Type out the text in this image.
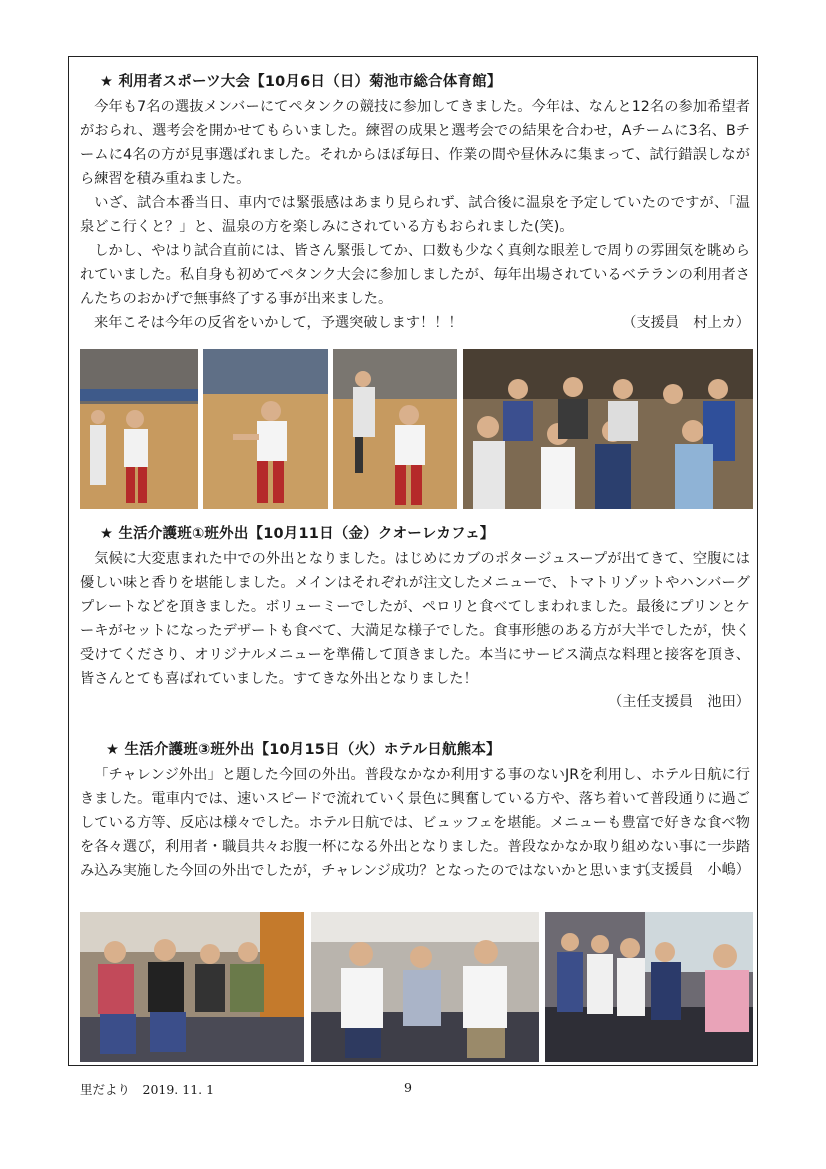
★ 利用者スポーツ大会【10月6日（日）菊池市総合体育館】

今年も7名の選抜メンバーにてペタンクの競技に参加してきました。今年は、なんと12名の参加希望者がおられ、選考会を開かせてもらいました。練習の成果と選考会での結果を合わせ，Aチームに3名、Bチームに4名の方が見事選ばれました。それからほぼ毎日、作業の間や昼休みに集まって、試行錯誤しながら練習を積み重ねました。

いざ、試合本番当日、車内では緊張感はあまり見られず、試合後に温泉を予定していたのですが、「温泉どこ行くと？」と、温泉の方を楽しみにされている方もおられました(笑)。

しかし、やはり試合直前には、皆さん緊張してか、口数も少なく真剣な眼差しで周りの雰囲気を眺められていました。私自身も初めてペタンク大会に参加しましたが、毎年出場されているベテランの利用者さんたちのおかげで無事終了する事が出来ました。

来年こそは今年の反省をいかして，予選突破します！！！	（支援員　村上カ）
★ 生活介護班①班外出【10月11日（金）クオーレカフェ】

気候に大変恵まれた中での外出となりました。はじめにカブのポタージュスープが出てきて、空腹には優しい味と香りを堪能しました。メインはそれぞれが注文したメニューで、トマトリゾットやハンバーグプレートなどを頂きました。ボリューミーでしたが、ペロリと食べてしまわれました。最後にプリンとケーキがセットになったデザートも食べて、大満足な様子でした。食事形態のある方が大半でしたが，快く受けてくださり、オリジナルメニューを準備して頂きました。本当にサービス満点な料理と接客を頂き、皆さんとても喜ばれていました。すてきな外出となりました！

（主任支援員　池田）
★ 生活介護班③班外出【10月15日（火）ホテル日航熊本】

「チャレンジ外出」と題した今回の外出。普段なかなか利用する事のないJRを利用し、ホテル日航に行きました。電車内では、速いスピードで流れていく景色に興奮している方や、落ち着いて普段通りに過ごしている方等、反応は様々でした。ホテル日航では、ビュッフェを堪能。メニューも豊富で好きな食べ物を各々選び，利用者・職員共々お腹一杯になる外出となりました。普段なかなか取り組めない事に一歩踏み込み実施した今回の外出でしたが，チャレンジ成功？となったのではないかと思います。

（支援員　小嶋）
里だより　2019. 11. 1	9
